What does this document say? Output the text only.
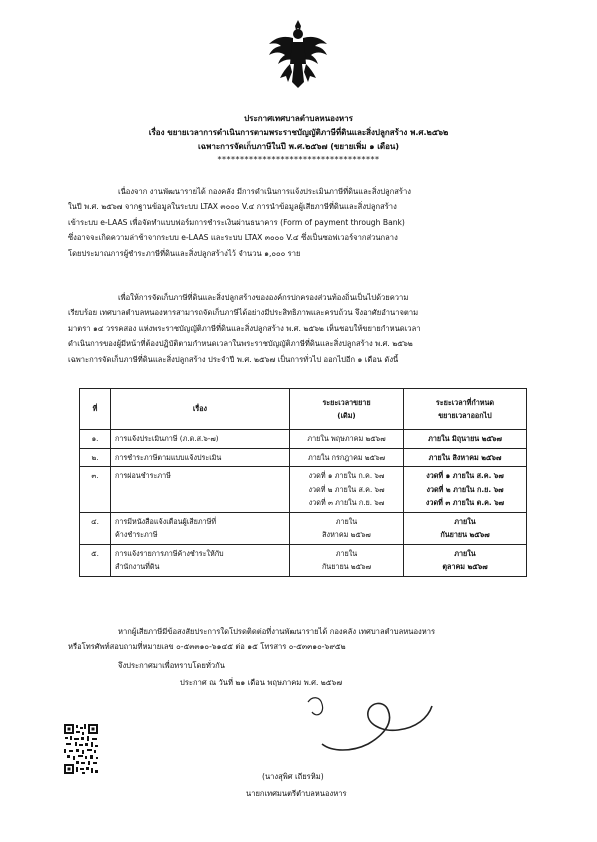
ประกาศเทศบาลตำบลหนองหาร
เรื่อง ขยายเวลาการดำเนินการตามพระราชบัญญัติภาษีที่ดินและสิ่งปลูกสร้าง พ.ศ.๒๕๖๒
เฉพาะการจัดเก็บภาษีในปี พ.ศ.๒๕๖๗ (ขยายเพิ่ม ๑ เดือน)
************************************
เนื่องจาก งานพัฒนารายได้ กองคลัง มีการดำเนินการแจ้งประเมินภาษีที่ดินและสิ่งปลูกสร้าง
ในปี พ.ศ. ๒๕๖๗ จากฐานข้อมูลในระบบ LTAX ๓๐๐๐ V.๔ การนำข้อมูลผู้เสียภาษีที่ดินและสิ่งปลูกสร้าง
เข้าระบบ e-LAAS เพื่อจัดทำแบบฟอร์มการชำระเงินผ่านธนาคาร (Form of payment through Bank)
ซึ่งอาจจะเกิดความล่าช้าจากระบบ e-LAAS และระบบ LTAX ๓๐๐๐ V.๔ ซึ่งเป็นซอฟเวอร์จากส่วนกลาง
โดยประมาณการผู้ชำระภาษีที่ดินและสิ่งปลูกสร้างไว้ จำนวน ๑,๐๐๐ ราย
เพื่อให้การจัดเก็บภาษีที่ดินและสิ่งปลูกสร้างขององค์กรปกครองส่วนท้องถิ่นเป็นไปด้วยความ
เรียบร้อย เทศบาลตำบลหนองหารสามารถจัดเก็บภาษีได้อย่างมีประสิทธิภาพและครบถ้วน จึงอาศัยอำนาจตาม
มาตรา ๑๔ วรรคสอง แห่งพระราชบัญญัติภาษีที่ดินและสิ่งปลูกสร้าง พ.ศ. ๒๕๖๒ เห็นชอบให้ขยายกำหนดเวลา
ดำเนินการของผู้มีหน้าที่ต้องปฏิบัติตามกำหนดเวลาในพระราชบัญญัติภาษีที่ดินและสิ่งปลูกสร้าง พ.ศ. ๒๕๖๒
เฉพาะการจัดเก็บภาษีที่ดินและสิ่งปลูกสร้าง ประจำปี พ.ศ. ๒๕๖๗ เป็นการทั่วไป ออกไปอีก ๑ เดือน ดังนี้
ที่	เรื่อง	ระยะเวลาขยาย
(เดิม)	ระยะเวลาที่กำหนด
ขยายเวลาออกไป
๑.	การแจ้งประเมินภาษี (ภ.ด.ส.๖-๗)	ภายใน พฤษภาคม ๒๕๖๗	ภายใน มิถุนายน ๒๕๖๗
๒.	การชำระภาษีตามแบบแจ้งประเมิน	ภายใน กรกฎาคม ๒๕๖๗	ภายใน สิงหาคม ๒๕๖๗
๓.	การผ่อนชำระภาษี	งวดที่ ๑ ภายใน ก.ค. ๖๗
งวดที่ ๒ ภายใน ส.ค. ๖๗
งวดที่ ๓ ภายใน ก.ย. ๖๗	งวดที่ ๑ ภายใน ส.ค. ๖๗
งวดที่ ๒ ภายใน ก.ย. ๖๗
งวดที่ ๓ ภายใน ต.ค. ๖๗
๔.	การมีหนังสือแจ้งเตือนผู้เสียภาษีที่
ค้างชำระภาษี	ภายใน
สิงหาคม ๒๕๖๗	ภายใน
กันยายน ๒๕๖๗
๕.	การแจ้งรายการภาษีค้างชำระให้กับ
สำนักงานที่ดิน	ภายใน
กันยายน ๒๕๖๗	ภายใน
ตุลาคม ๒๕๖๗
หากผู้เสียภาษีมีข้อสงสัยประการใดโปรดติดต่อที่งานพัฒนารายได้ กองคลัง เทศบาลตำบลหนองหาร
หรือโทรศัพท์สอบถามที่หมายเลข ๐-๕๓๓๑๐-๖๑๔๕ ต่อ ๑๕ โทรสาร ๐-๕๓๓๑๐-๖๙๕๒
จึงประกาศมาเพื่อทราบโดยทั่วกัน
ประกาศ ณ วันที่ ๒๑ เดือน พฤษภาคม พ.ศ. ๒๕๖๗
(นางสุพิศ เถียรหิม)
นายกเทศมนตรีตำบลหนองหาร
